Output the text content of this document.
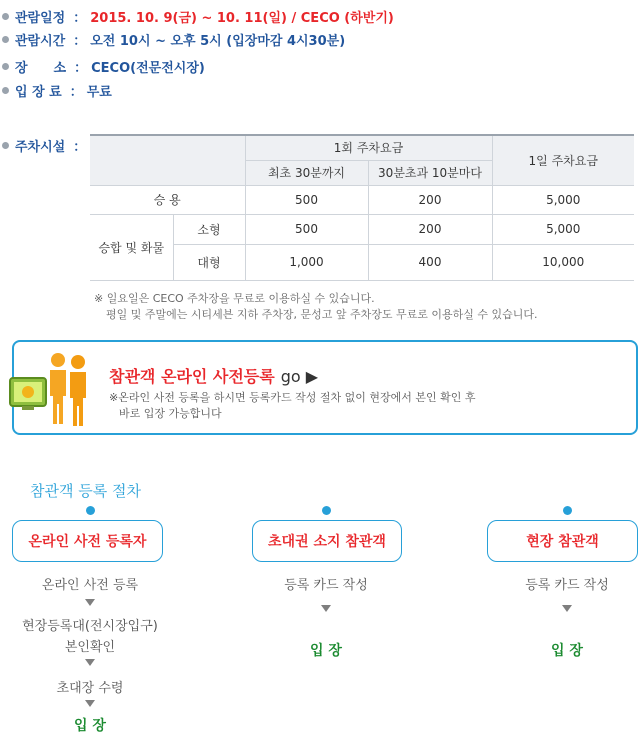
관람일정 ： 2015. 10. 9(금) ~ 10. 11(일) / CECO (하반기)
관람시간 ： 오전 10시 ~ 오후 5시 (입장마감 4시30분)
장　　소 ： CECO(전문전시장)
입 장 료 ： 무료
주차시설 ：
		1회 주차요금		1일 주차요금
		최초 30분까지	30분초과 10분마다	
승 용		500	200	5,000
승합 및 화물	소형	500	200	5,000
	대형	1,000	400	10,000
※ 일요일은 CECO 주차장을 무료로 이용하실 수 있습니다.
평일 및 주말에는 시티세븐 지하 주차장, 문성고 앞 주차장도 무료로 이용하실 수 있습니다.
참관객 온라인 사전등록 go ▶
※온라인 사전 등록을 하시면 등록카드 작성 절차 없이 현장에서 본인 확인 후
바로 입장 가능합니다
참관객 등록 절차
온라인 사전 등록자
온라인 사전 등록
현장등록대(전시장입구)
본인확인
초대장 수령
입 장
초대권 소지 참관객
등록 카드 작성
입 장
현장 참관객
등록 카드 작성
입 장
